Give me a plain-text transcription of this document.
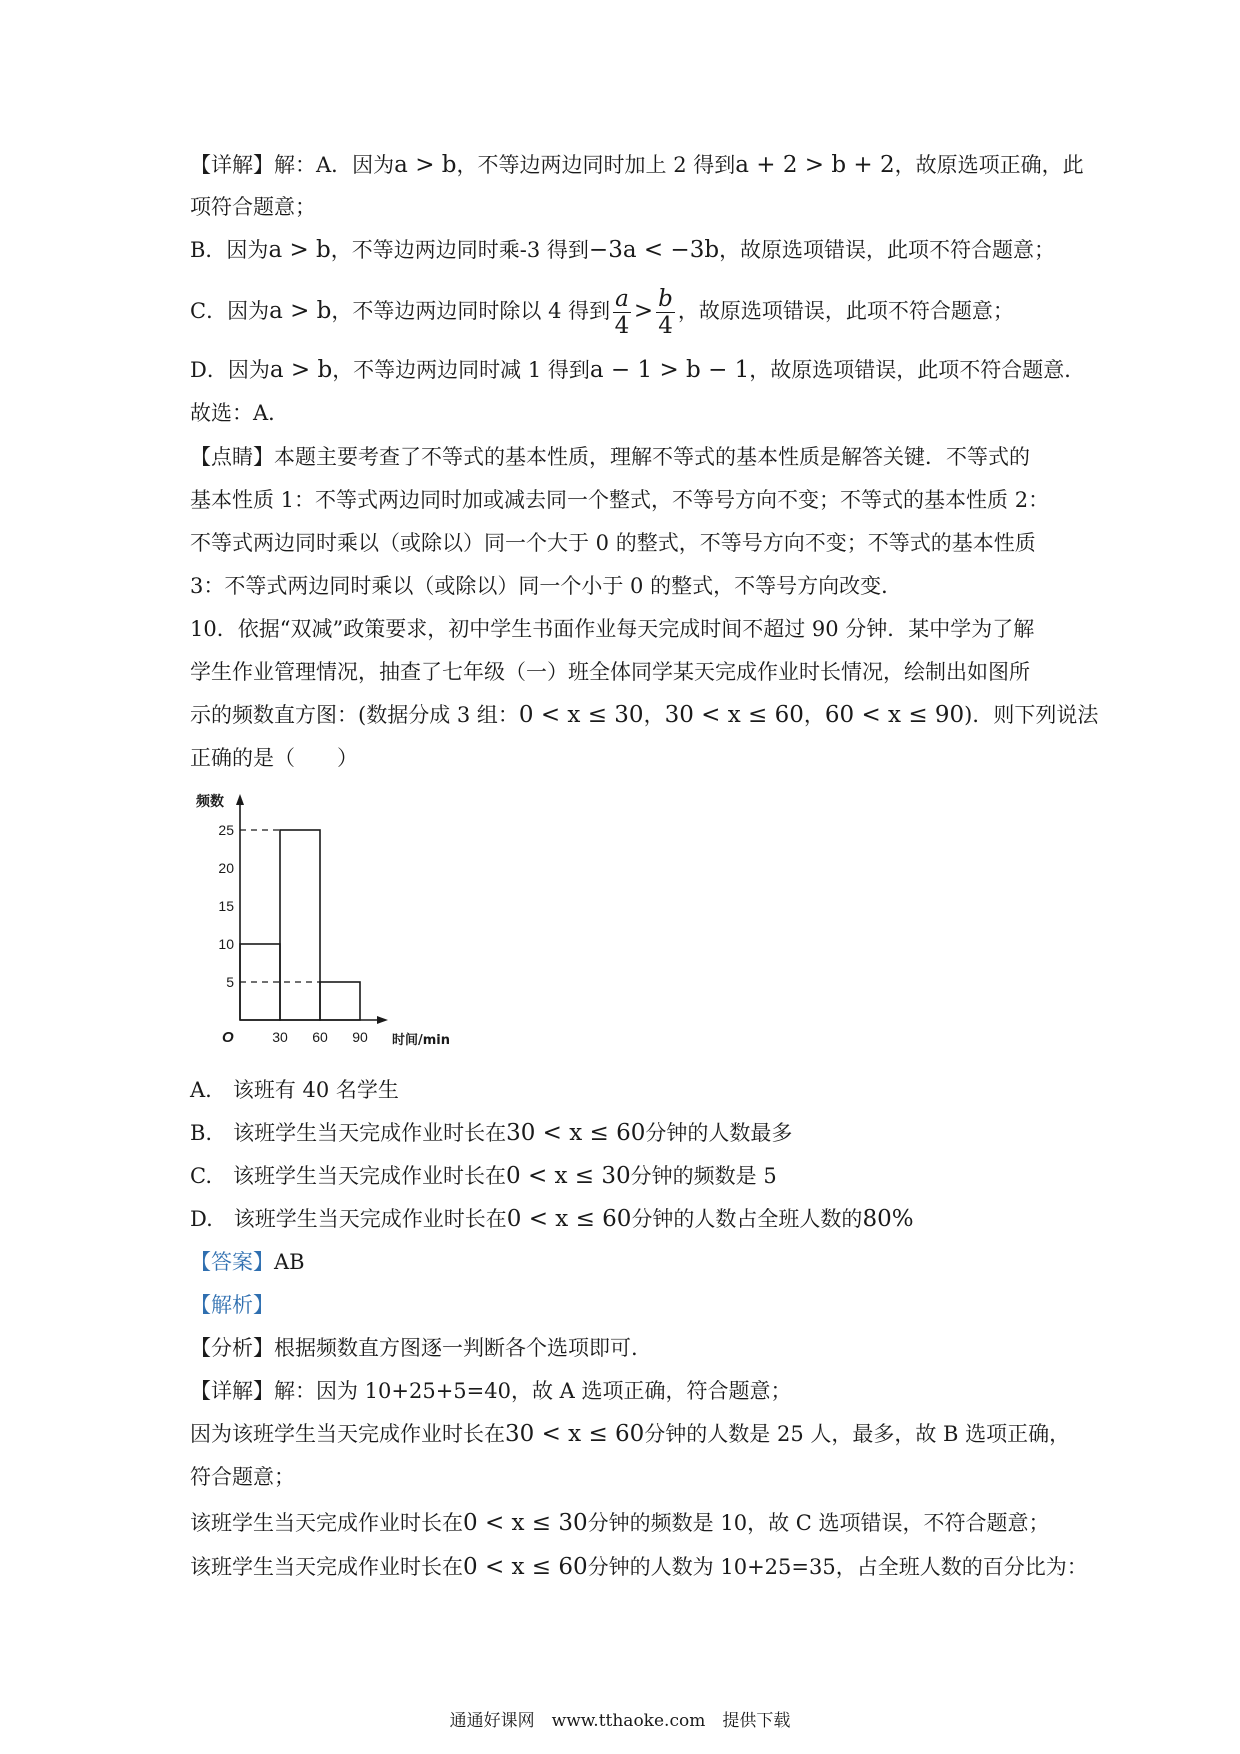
【详解】解：A．因为a > b，不等边两边同时加上 2 得到a + 2 > b + 2，故原选项正确，此
项符合题意；
B．因为a > b，不等边两边同时乘-3 得到−3a < −3b，故原选项错误，此项不符合题意；
C．因为a > b，不等边两边同时除以 4 得到 $\frac{a}{4} > \frac{b}{4}$ ，故原选项错误，此项不符合题意；
D．因为a > b，不等边两边同时减 1 得到a − 1 > b − 1，故原选项错误，此项不符合题意．
故选：A．
【点睛】本题主要考查了不等式的基本性质，理解不等式的基本性质是解答关键．不等式的
基本性质 1：不等式两边同时加或减去同一个整式，不等号方向不变；不等式的基本性质 2：
不等式两边同时乘以（或除以）同一个大于 0 的整式，不等号方向不变；不等式的基本性质
3：不等式两边同时乘以（或除以）同一个小于 0 的整式，不等号方向改变．
10．依据“双减”政策要求，初中学生书面作业每天完成时间不超过 90 分钟．某中学为了解
学生作业管理情况，抽查了七年级（一）班全体同学某天完成作业时长情况，绘制出如图所
示的频数直方图：(数据分成 3 组：0 < x ≤ 30，30 < x ≤ 60，60 < x ≤ 90)．则下列说法
正确的是（　　）
5
10
15
20
25
30 60 90
O
频数
时间/min
A.　该班有 40 名学生
B.　该班学生当天完成作业时长在30 < x ≤ 60分钟的人数最多
C.　该班学生当天完成作业时长在0 < x ≤ 30分钟的频数是 5
D.　该班学生当天完成作业时长在0 < x ≤ 60分钟的人数占全班人数的80%
【答案】AB
【解析】
【分析】根据频数直方图逐一判断各个选项即可.
【详解】解：因为 10+25+5=40，故 A 选项正确，符合题意；
因为该班学生当天完成作业时长在30 < x ≤ 60分钟的人数是 25 人，最多，故 B 选项正确，
符合题意；
该班学生当天完成作业时长在0 < x ≤ 30分钟的频数是 10，故 C 选项错误，不符合题意；
该班学生当天完成作业时长在0 < x ≤ 60分钟的人数为 10+25=35，占全班人数的百分比为：
通通好课网　www.tthaoke.com　提供下载
